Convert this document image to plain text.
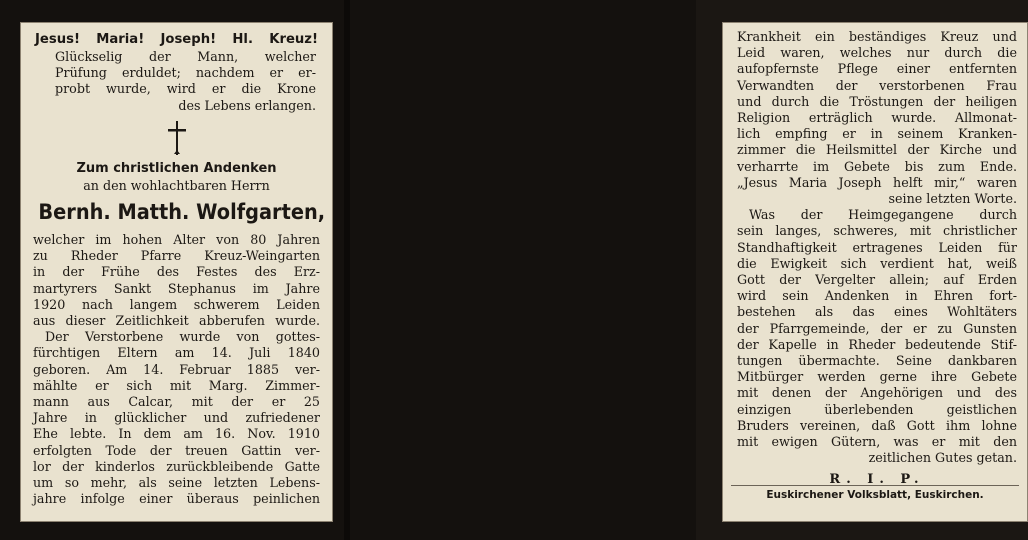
Jesus! Maria! Joseph! Hl. Kreuz!
Glückselig der Mann, welcher
Prüfung erduldet; nachdem er er-
probt wurde, wird er die Krone
des Lebens erlangen.
Zum christlichen Andenken
an den wohlachtbaren Herrn
Bernh. Matth. Wolfgarten,
welcher im hohen Alter von 80 Jahren
zu Rheder Pfarre Kreuz-Weingarten
in der Frühe des Festes des Erz-
martyrers Sankt Stephanus im Jahre
1920 nach langem schwerem Leiden
aus dieser Zeitlichkeit abberufen wurde.
Der Verstorbene wurde von gottes-
fürchtigen Eltern am 14. Juli 1840
geboren. Am 14. Februar 1885 ver-
mählte er sich mit Marg. Zimmer-
mann aus Calcar, mit der er 25
Jahre in glücklicher und zufriedener
Ehe lebte. In dem am 16. Nov. 1910
erfolgten Tode der treuen Gattin ver-
lor der kinderlos zurückbleibende Gatte
um so mehr, als seine letzten Lebens-
jahre infolge einer überaus peinlichen
Krankheit ein beständiges Kreuz und
Leid waren, welches nur durch die
aufopfernste Pflege einer entfernten
Verwandten der verstorbenen Frau
und durch die Tröstungen der heiligen
Religion erträglich wurde. Allmonat-
lich empfing er in seinem Kranken-
zimmer die Heilsmittel der Kirche und
verharrte im Gebete bis zum Ende.
„Jesus Maria Joseph helft mir,“ waren
seine letzten Worte.
Was der Heimgegangene durch
sein langes, schweres, mit christlicher
Standhaftigkeit ertragenes Leiden für
die Ewigkeit sich verdient hat, weiß
Gott der Vergelter allein; auf Erden
wird sein Andenken in Ehren fort-
bestehen als das eines Wohltäters
der Pfarrgemeinde, der er zu Gunsten
der Kapelle in Rheder bedeutende Stif-
tungen übermachte. Seine dankbaren
Mitbürger werden gerne ihre Gebete
mit denen der Angehörigen und des
einzigen überlebenden geistlichen
Bruders vereinen, daß Gott ihm lohne
mit ewigen Gütern, was er mit den
zeitlichen Gutes getan.
R. I. P.
Euskirchener Volksblatt, Euskirchen.
